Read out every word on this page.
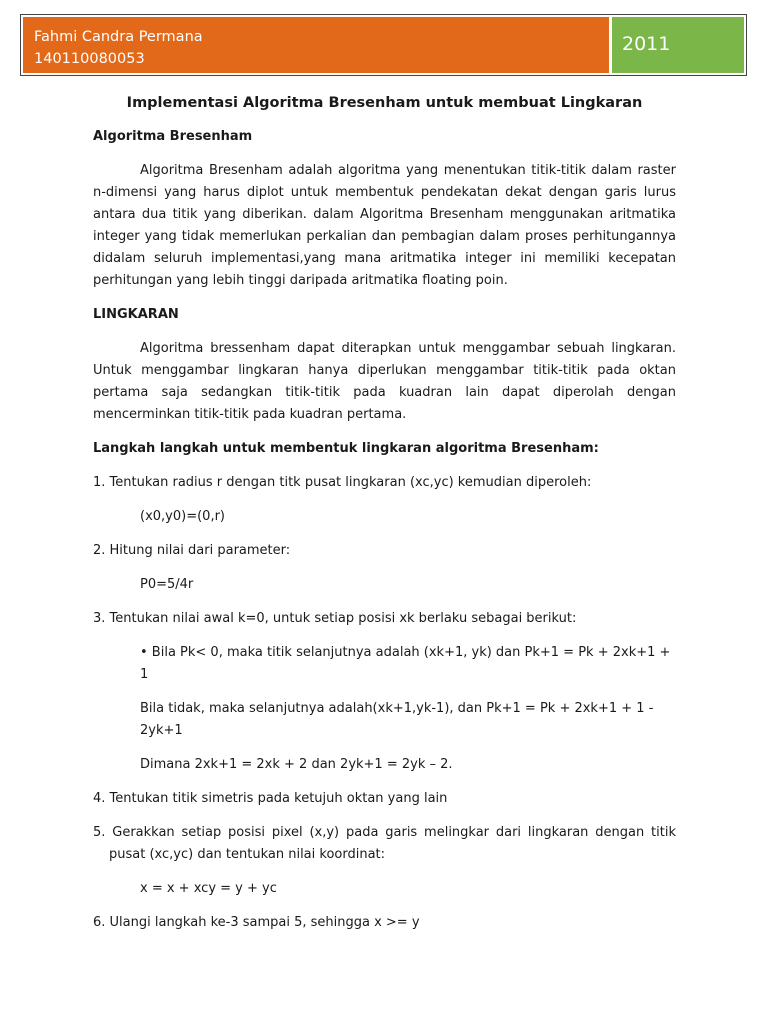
Fahmi Candra Permana
140110080053
2011
Implementasi Algoritma Bresenham untuk membuat Lingkaran
Algoritma Bresenham
Algoritma Bresenham adalah algoritma yang menentukan titik-titik dalam raster n-dimensi yang harus diplot untuk membentuk pendekatan dekat dengan garis lurus antara dua titik yang diberikan. dalam Algoritma Bresenham menggunakan aritmatika integer yang tidak memerlukan perkalian dan pembagian dalam proses perhitungannya didalam seluruh implementasi,yang mana aritmatika integer ini memiliki kecepatan perhitungan yang lebih tinggi daripada aritmatika floating poin.
LINGKARAN
Algoritma bressenham dapat diterapkan untuk menggambar sebuah lingkaran. Untuk menggambar lingkaran hanya diperlukan menggambar titik-titik pada oktan pertama saja sedangkan titik-titik pada kuadran lain dapat diperolah dengan mencerminkan titik-titik pada kuadran pertama.
Langkah langkah untuk membentuk lingkaran algoritma Bresenham:
1. Tentukan radius r dengan titk pusat lingkaran (xc,yc) kemudian diperoleh:
(x0,y0)=(0,r)
2. Hitung nilai dari parameter:
P0=5/4r
3. Tentukan nilai awal k=0, untuk setiap posisi xk berlaku sebagai berikut:
• Bila Pk< 0, maka titik selanjutnya adalah (xk+1, yk) dan Pk+1 = Pk + 2xk+1 + 1
Bila tidak, maka selanjutnya adalah(xk+1,yk-1), dan Pk+1 = Pk + 2xk+1 + 1 - 2yk+1
Dimana 2xk+1 = 2xk + 2 dan 2yk+1 = 2yk – 2.
4. Tentukan titik simetris pada ketujuh oktan yang lain
5. Gerakkan setiap posisi pixel (x,y) pada garis melingkar dari lingkaran dengan titik pusat (xc,yc) dan tentukan nilai koordinat:
x = x + xcy = y + yc
6. Ulangi langkah ke-3 sampai 5, sehingga x >= y
